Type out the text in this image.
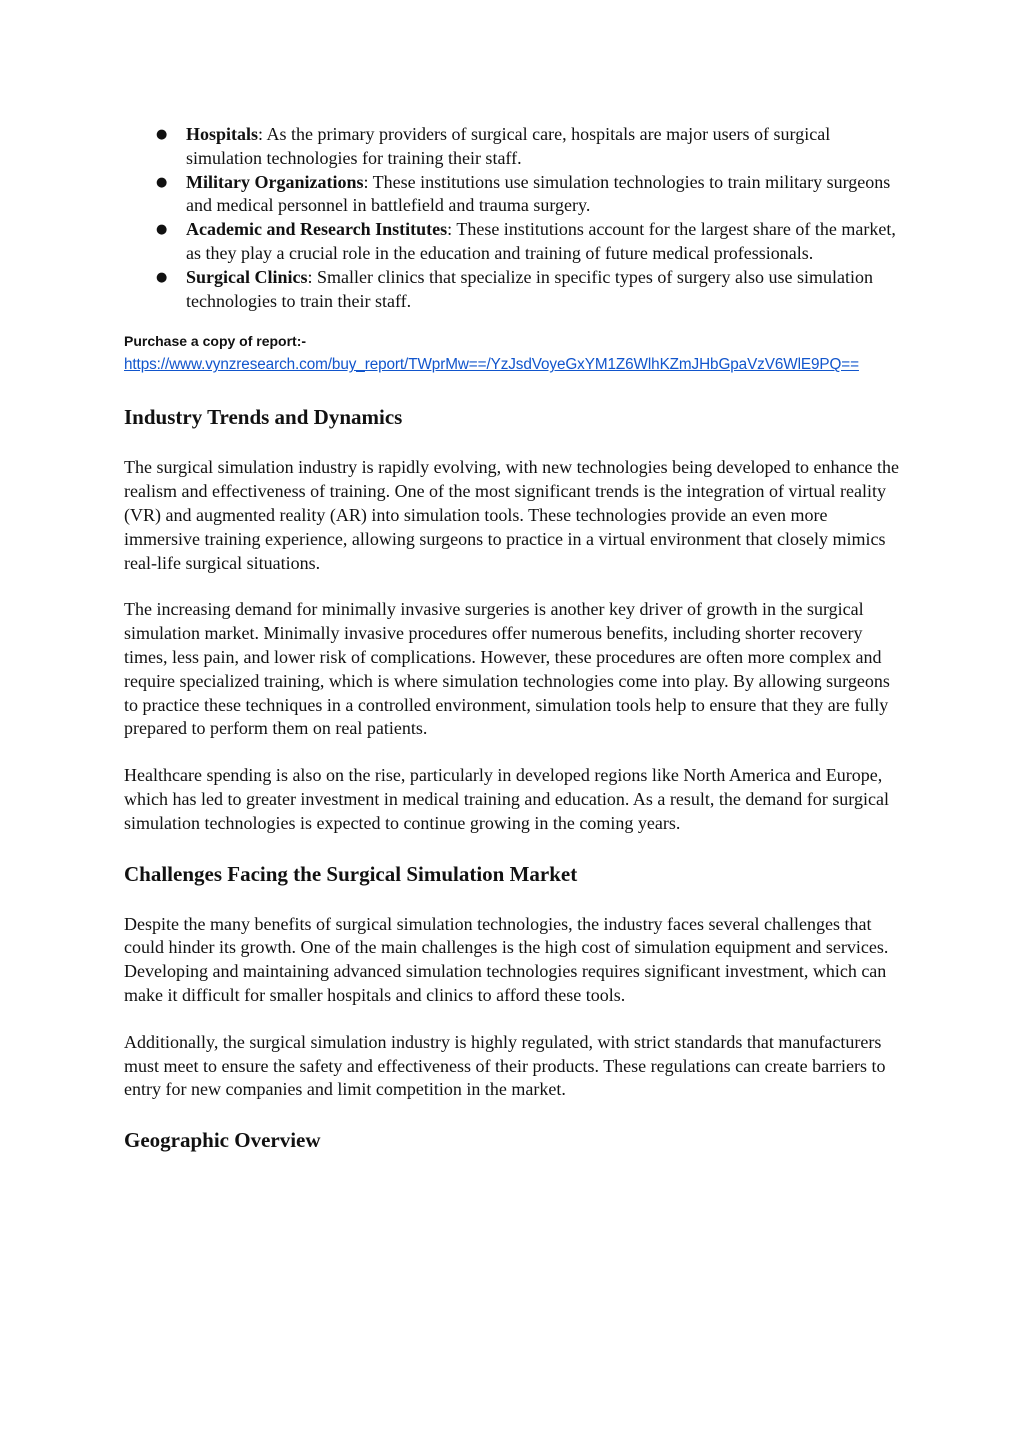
● Hospitals: As the primary providers of surgical care, hospitals are major users of surgical simulation technologies for training their staff.
● Military Organizations: These institutions use simulation technologies to train military surgeons and medical personnel in battlefield and trauma surgery.
● Academic and Research Institutes: These institutions account for the largest share of the market, as they play a crucial role in the education and training of future medical professionals.
● Surgical Clinics: Smaller clinics that specialize in specific types of surgery also use simulation technologies to train their staff.
Purchase a copy of report:-
https://www.vynzresearch.com/buy_report/TWprMw==/YzJsdVoyeGxYM1Z6WlhKZmJHbGpaVzV6WlE9PQ==
Industry Trends and Dynamics

The surgical simulation industry is rapidly evolving, with new technologies being developed to enhance the realism and effectiveness of training. One of the most significant trends is the integration of virtual reality (VR) and augmented reality (AR) into simulation tools. These technologies provide an even more immersive training experience, allowing surgeons to practice in a virtual environment that closely mimics real-life surgical situations.

The increasing demand for minimally invasive surgeries is another key driver of growth in the surgical simulation market. Minimally invasive procedures offer numerous benefits, including shorter recovery times, less pain, and lower risk of complications. However, these procedures are often more complex and require specialized training, which is where simulation technologies come into play. By allowing surgeons to practice these techniques in a controlled environment, simulation tools help to ensure that they are fully prepared to perform them on real patients.

Healthcare spending is also on the rise, particularly in developed regions like North America and Europe, which has led to greater investment in medical training and education. As a result, the demand for surgical simulation technologies is expected to continue growing in the coming years.

Challenges Facing the Surgical Simulation Market

Despite the many benefits of surgical simulation technologies, the industry faces several challenges that could hinder its growth. One of the main challenges is the high cost of simulation equipment and services. Developing and maintaining advanced simulation technologies requires significant investment, which can make it difficult for smaller hospitals and clinics to afford these tools.

Additionally, the surgical simulation industry is highly regulated, with strict standards that manufacturers must meet to ensure the safety and effectiveness of their products. These regulations can create barriers to entry for new companies and limit competition in the market.

Geographic Overview
